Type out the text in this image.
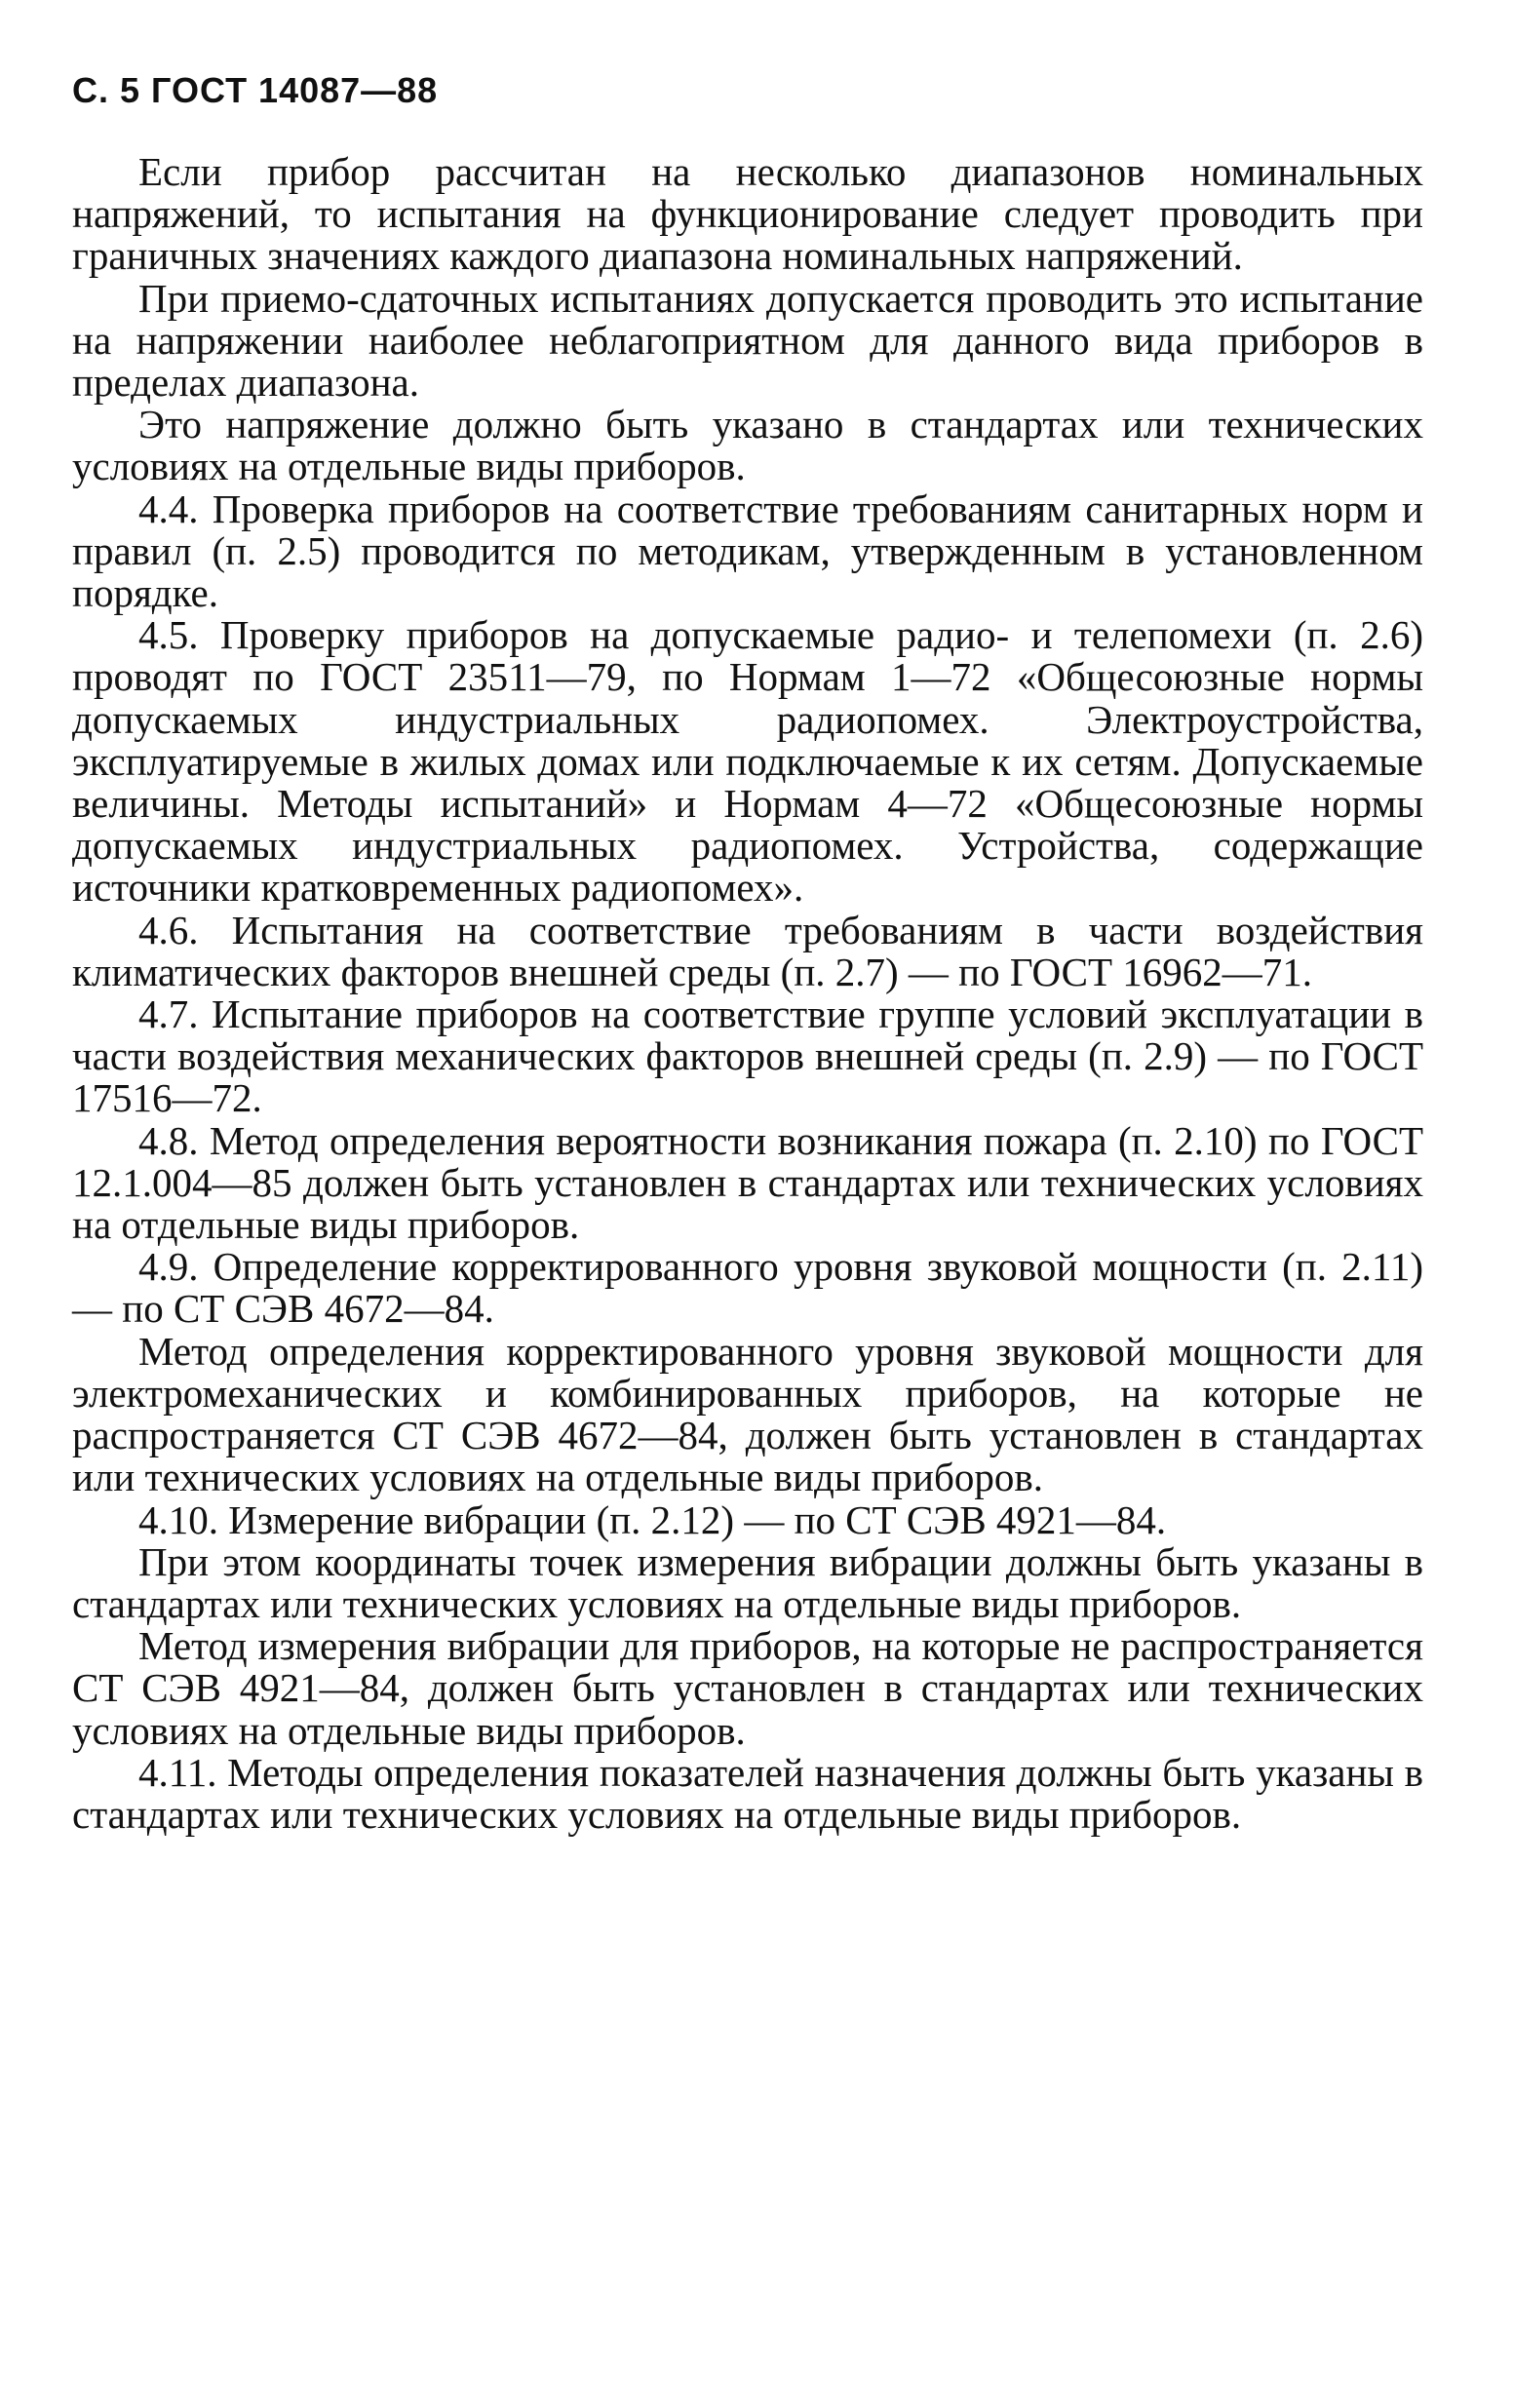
С. 5 ГОСТ 14087—88

Если прибор рассчитан на несколько диапазонов номинальных напряжений, то испытания на функционирование следует проводить при граничных значениях каждого диапазона номинальных напряжений.

При приемо-сдаточных испытаниях допускается проводить это испытание на напряжении наиболее неблагоприятном для данного вида приборов в пределах диапазона.

Это напряжение должно быть указано в стандартах или технических условиях на отдельные виды приборов.

4.4. Проверка приборов на соответствие требованиям санитарных норм и правил (п. 2.5) проводится по методикам, утвержденным в установленном порядке.

4.5. Проверку приборов на допускаемые радио- и телепомехи (п. 2.6) проводят по ГОСТ 23511—79, по Нормам 1—72 «Общесоюзные нормы допускаемых индустриальных радиопомех. Электроустройства, эксплуатируемые в жилых домах или подключаемые к их сетям. Допускаемые величины. Методы испытаний» и Нормам 4—72 «Общесоюзные нормы допускаемых индустриальных радиопомех. Устройства, содержащие источники кратковременных радиопомех».

4.6. Испытания на соответствие требованиям в части воздействия климатических факторов внешней среды (п. 2.7) — по ГОСТ 16962—71.

4.7. Испытание приборов на соответствие группе условий эксплуатации в части воздействия механических факторов внешней среды (п. 2.9) — по ГОСТ 17516—72.

4.8. Метод определения вероятности возникания пожара (п. 2.10) по ГОСТ 12.1.004—85 должен быть установлен в стандартах или технических условиях на отдельные виды приборов.

4.9. Определение корректированного уровня звуковой мощности (п. 2.11) — по СТ СЭВ 4672—84.

Метод определения корректированного уровня звуковой мощности для электромеханических и комбинированных приборов, на которые не распространяется СТ СЭВ 4672—84, должен быть установлен в стандартах или технических условиях на отдельные виды приборов.

4.10. Измерение вибрации (п. 2.12) — по СТ СЭВ 4921—84.

При этом координаты точек измерения вибрации должны быть указаны в стандартах или технических условиях на отдельные виды приборов.

Метод измерения вибрации для приборов, на которые не распространяется СТ СЭВ 4921—84, должен быть установлен в стандартах или технических условиях на отдельные виды приборов.

4.11. Методы определения показателей назначения должны быть указаны в стандартах или технических условиях на отдельные виды приборов.
